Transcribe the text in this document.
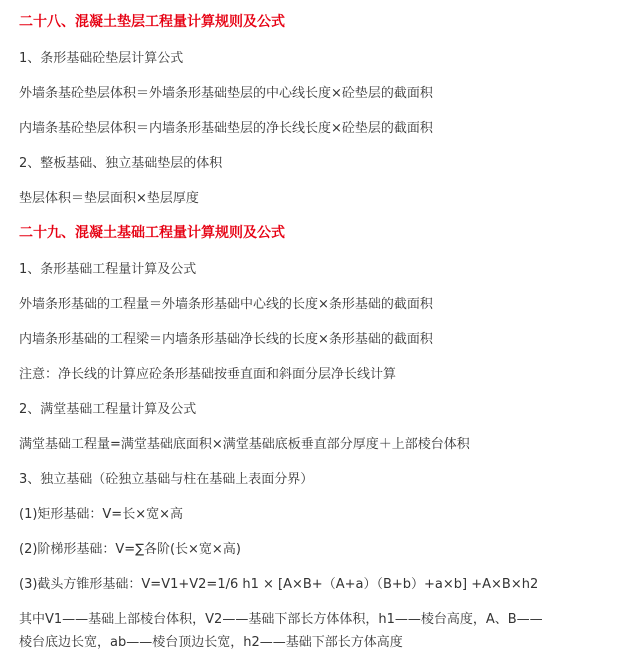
二十八、混凝土垫层工程量计算规则及公式
1、条形基础砼垫层计算公式
外墙条基砼垫层体积＝外墙条形基础垫层的中心线长度×砼垫层的截面积
内墙条基砼垫层体积＝内墙条形基础垫层的净长线长度×砼垫层的截面积
2、整板基础、独立基础垫层的体积
垫层体积＝垫层面积×垫层厚度
二十九、混凝土基础工程量计算规则及公式
1、条形基础工程量计算及公式
外墙条形基础的工程量＝外墙条形基础中心线的长度×条形基础的截面积
内墙条形基础的工程梁＝内墙条形基础净长线的长度×条形基础的截面积
注意：净长线的计算应砼条形基础按垂直面和斜面分层净长线计算
2、满堂基础工程量计算及公式
满堂基础工程量=满堂基础底面积×满堂基础底板垂直部分厚度＋上部棱台体积
3、独立基础（砼独立基础与柱在基础上表面分界）
(1)矩形基础：V=长×宽×高
(2)阶梯形基础：V=∑各阶(长×宽×高)
(3)截头方锥形基础：V=V1+V2=1/6 h1 × [A×B+（A+a）（B+b）+a×b] +A×B×h2
其中V1——基础上部棱台体积，V2——基础下部长方体体积，h1——棱台高度，A、B——
棱台底边长宽，ab——棱台顶边长宽，h2——基础下部长方体高度
